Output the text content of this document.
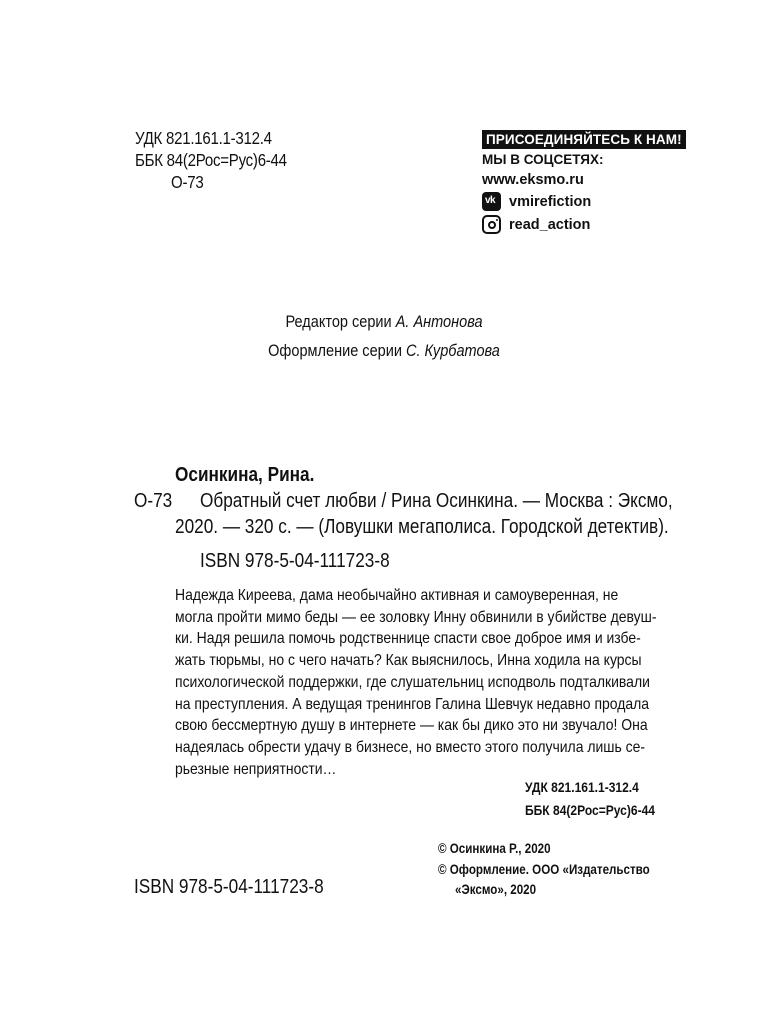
УДК 821.161.1-312.4
ББК 84(2Рос=Рус)6-44
О-73
ПРИСОЕДИНЯЙТЕСЬ К НАМ!
МЫ В СОЦСЕТЯХ:
www.eksmo.ru
vk
vmirefiction
read_action
Редактор серии А. Антонова
Оформление серии С. Курбатова
Осинкина, Рина.
О-73 Обратный счет любви / Рина Осинкина. — Москва : Эксмо,
2020. — 320 с. — (Ловушки мегаполиса. Городской детектив).
ISBN 978-5-04-111723-8
Надежда Киреева, дама необычайно активная и самоуверенная, не
могла пройти мимо беды — ее золовку Инну обвинили в убийстве девуш-
ки. Надя решила помочь родственнице спасти свое доброе имя и избе-
жать тюрьмы, но с чего начать? Как выяснилось, Инна ходила на курсы
психологической поддержки, где слушательниц исподволь подталкивали
на преступления. А ведущая тренингов Галина Шевчук недавно продала
свою бессмертную душу в интернете — как бы дико это ни звучало! Она
надеялась обрести удачу в бизнесе, но вместо этого получила лишь се-
рьезные неприятности…
УДК 821.161.1-312.4
ББК 84(2Рос=Рус)6-44
ISBN 978-5-04-111723-8
© Осинкина Р., 2020
© Оформление. ООО «Издательство
«Эксмо», 2020
